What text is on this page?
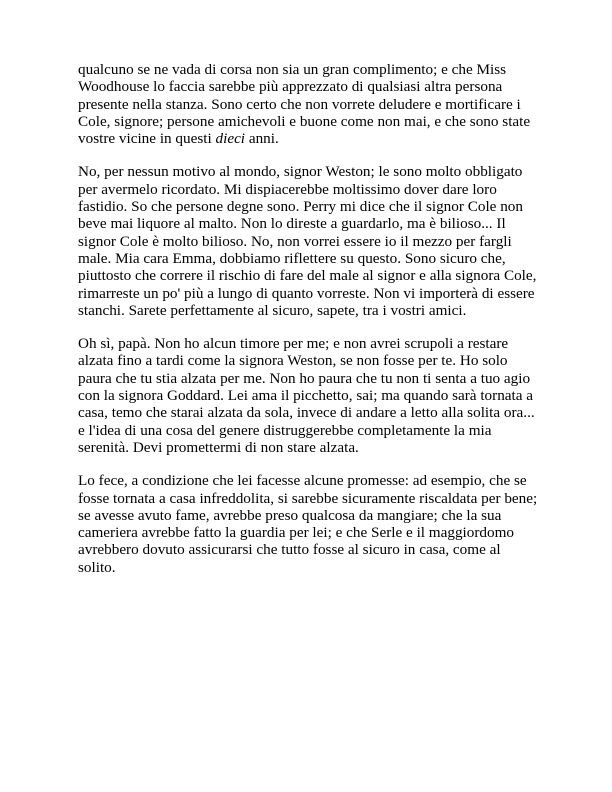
qualcuno se ne vada di corsa non sia un gran complimento; e che Miss Woodhouse lo faccia sarebbe più apprezzato di qualsiasi altra persona presente nella stanza. Sono certo che non vorrete deludere e mortificare i Cole, signore; persone amichevoli e buone come non mai, e che sono state vostre vicine in questi dieci anni.

No, per nessun motivo al mondo, signor Weston; le sono molto obbligato per avermelo ricordato. Mi dispiacerebbe moltissimo dover dare loro fastidio. So che persone degne sono. Perry mi dice che il signor Cole non beve mai liquore al malto. Non lo direste a guardarlo, ma è bilioso... Il signor Cole è molto bilioso. No, non vorrei essere io il mezzo per fargli male. Mia cara Emma, dobbiamo riflettere su questo. Sono sicuro che, piuttosto che correre il rischio di fare del male al signor e alla signora Cole, rimarreste un po' più a lungo di quanto vorreste. Non vi importerà di essere stanchi. Sarete perfettamente al sicuro, sapete, tra i vostri amici.

Oh sì, papà. Non ho alcun timore per me; e non avrei scrupoli a restare alzata fino a tardi come la signora Weston, se non fosse per te. Ho solo paura che tu stia alzata per me. Non ho paura che tu non ti senta a tuo agio con la signora Goddard. Lei ama il picchetto, sai; ma quando sarà tornata a casa, temo che starai alzata da sola, invece di andare a letto alla solita ora... e l'idea di una cosa del genere distruggerebbe completamente la mia serenità. Devi promettermi di non stare alzata.

Lo fece, a condizione che lei facesse alcune promesse: ad esempio, che se fosse tornata a casa infreddolita, si sarebbe sicuramente riscaldata per bene; se avesse avuto fame, avrebbe preso qualcosa da mangiare; che la sua cameriera avrebbe fatto la guardia per lei; e che Serle e il maggiordomo avrebbero dovuto assicurarsi che tutto fosse al sicuro in casa, come al solito.
